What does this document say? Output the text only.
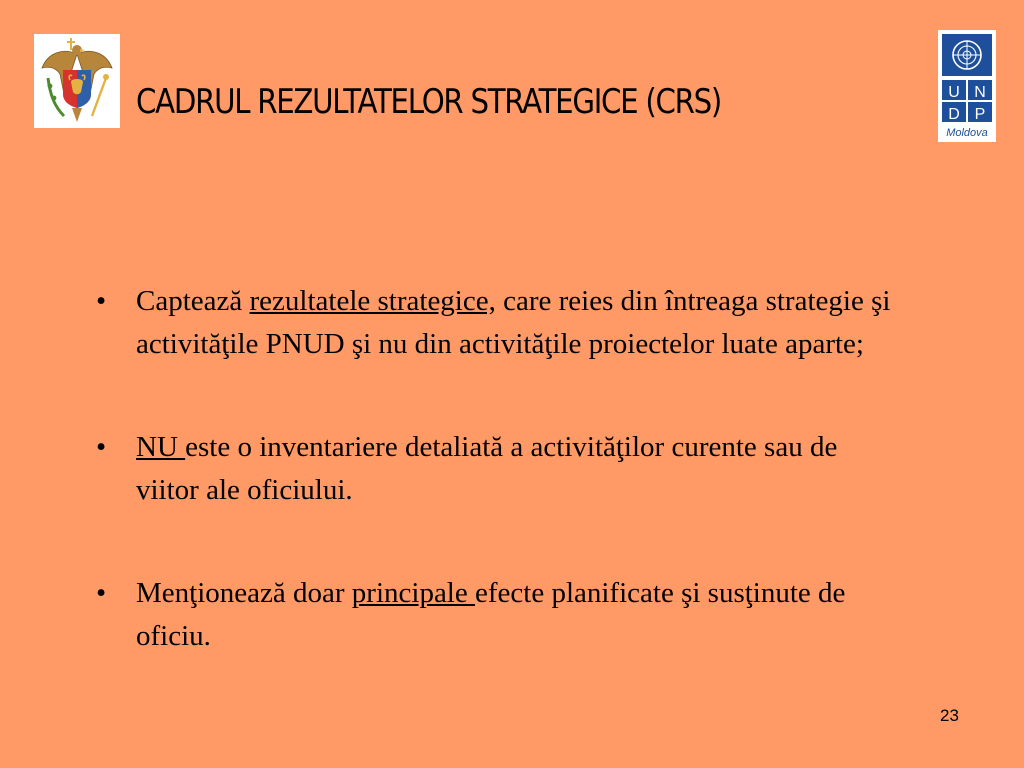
CADRUL REZULTATELOR STRATEGICE (CRS)	U N
D P
Moldova
• Captează rezultatele strategice, care reies din întreaga strategie şi activităţile PNUD şi nu din activităţile proiectelor luate aparte;
• NU este o inventariere detaliată a activităţilor curente sau de viitor ale oficiului.
• Menţionează doar principale efecte planificate şi susţinute de oficiu.
23
